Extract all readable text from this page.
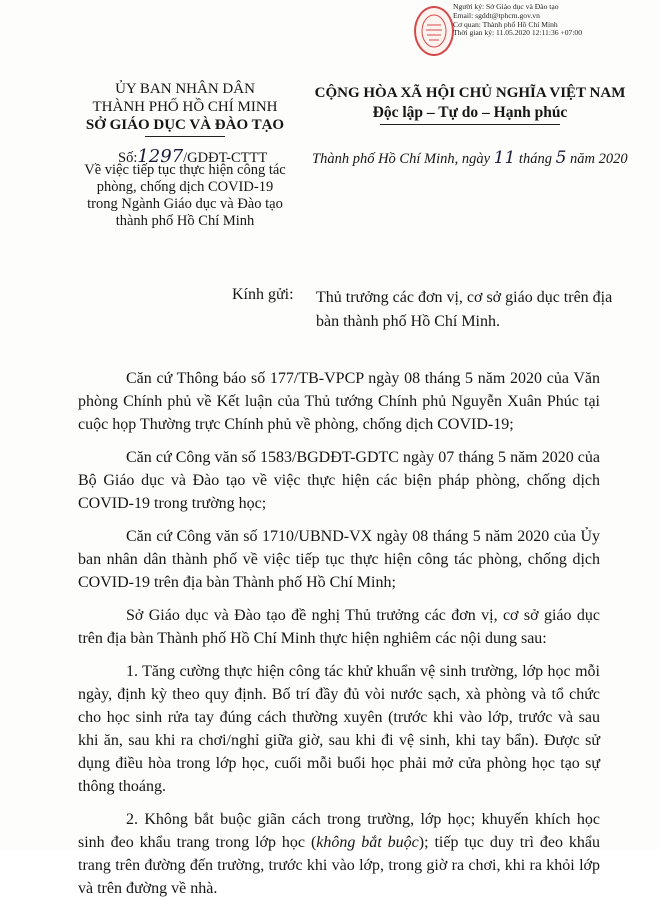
Người ký: Sở Giáo dục và Đào tạo
Email: sgddt@tphcm.gov.vn
Cơ quan: Thành phố Hồ Chí Minh
Thời gian ký: 11.05.2020 12:11:36 +07:00
ỦY BAN NHÂN DÂN
THÀNH PHỐ HỒ CHÍ MINH
SỞ GIÁO DỤC VÀ ĐÀO TẠO
CỘNG HÒA XÃ HỘI CHỦ NGHĨA VIỆT NAM
Độc lập – Tự do – Hạnh phúc
Số:1297/GDĐT-CTTT
Về việc tiếp tục thực hiện công tác
phòng, chống dịch COVID-19
trong Ngành Giáo dục và Đào tạo
thành phố Hồ Chí Minh
Thành phố Hồ Chí Minh, ngày 11 tháng 5 năm 2020
Kính gửi: Thủ trưởng các đơn vị, cơ sở giáo dục trên địa bàn thành phố Hồ Chí Minh.

Căn cứ Thông báo số 177/TB-VPCP ngày 08 tháng 5 năm 2020 của Văn phòng Chính phủ về Kết luận của Thủ tướng Chính phủ Nguyễn Xuân Phúc tại cuộc họp Thường trực Chính phủ về phòng, chống dịch COVID-19;

Căn cứ Công văn số 1583/BGDĐT-GDTC ngày 07 tháng 5 năm 2020 của Bộ Giáo dục và Đào tạo về việc thực hiện các biện pháp phòng, chống dịch COVID-19 trong trường học;

Căn cứ Công văn số 1710/UBND-VX ngày 08 tháng 5 năm 2020 của Ủy ban nhân dân thành phố về việc tiếp tục thực hiện công tác phòng, chống dịch COVID-19 trên địa bàn Thành phố Hồ Chí Minh;

Sở Giáo dục và Đào tạo đề nghị Thủ trưởng các đơn vị, cơ sở giáo dục trên địa bàn Thành phố Hồ Chí Minh thực hiện nghiêm các nội dung sau:

1. Tăng cường thực hiện công tác khử khuẩn vệ sinh trường, lớp học mỗi ngày, định kỳ theo quy định. Bố trí đầy đủ vòi nước sạch, xà phòng và tổ chức cho học sinh rửa tay đúng cách thường xuyên (trước khi vào lớp, trước và sau khi ăn, sau khi ra chơi/nghỉ giữa giờ, sau khi đi vệ sinh, khi tay bẩn). Được sử dụng điều hòa trong lớp học, cuối mỗi buổi học phải mở cửa phòng học tạo sự thông thoáng.

2. Không bắt buộc giãn cách trong trường, lớp học; khuyến khích học sinh đeo khẩu trang trong lớp học (không bắt buộc); tiếp tục duy trì đeo khẩu trang trên đường đến trường, trước khi vào lớp, trong giờ ra chơi, khi ra khỏi lớp và trên đường về nhà.
